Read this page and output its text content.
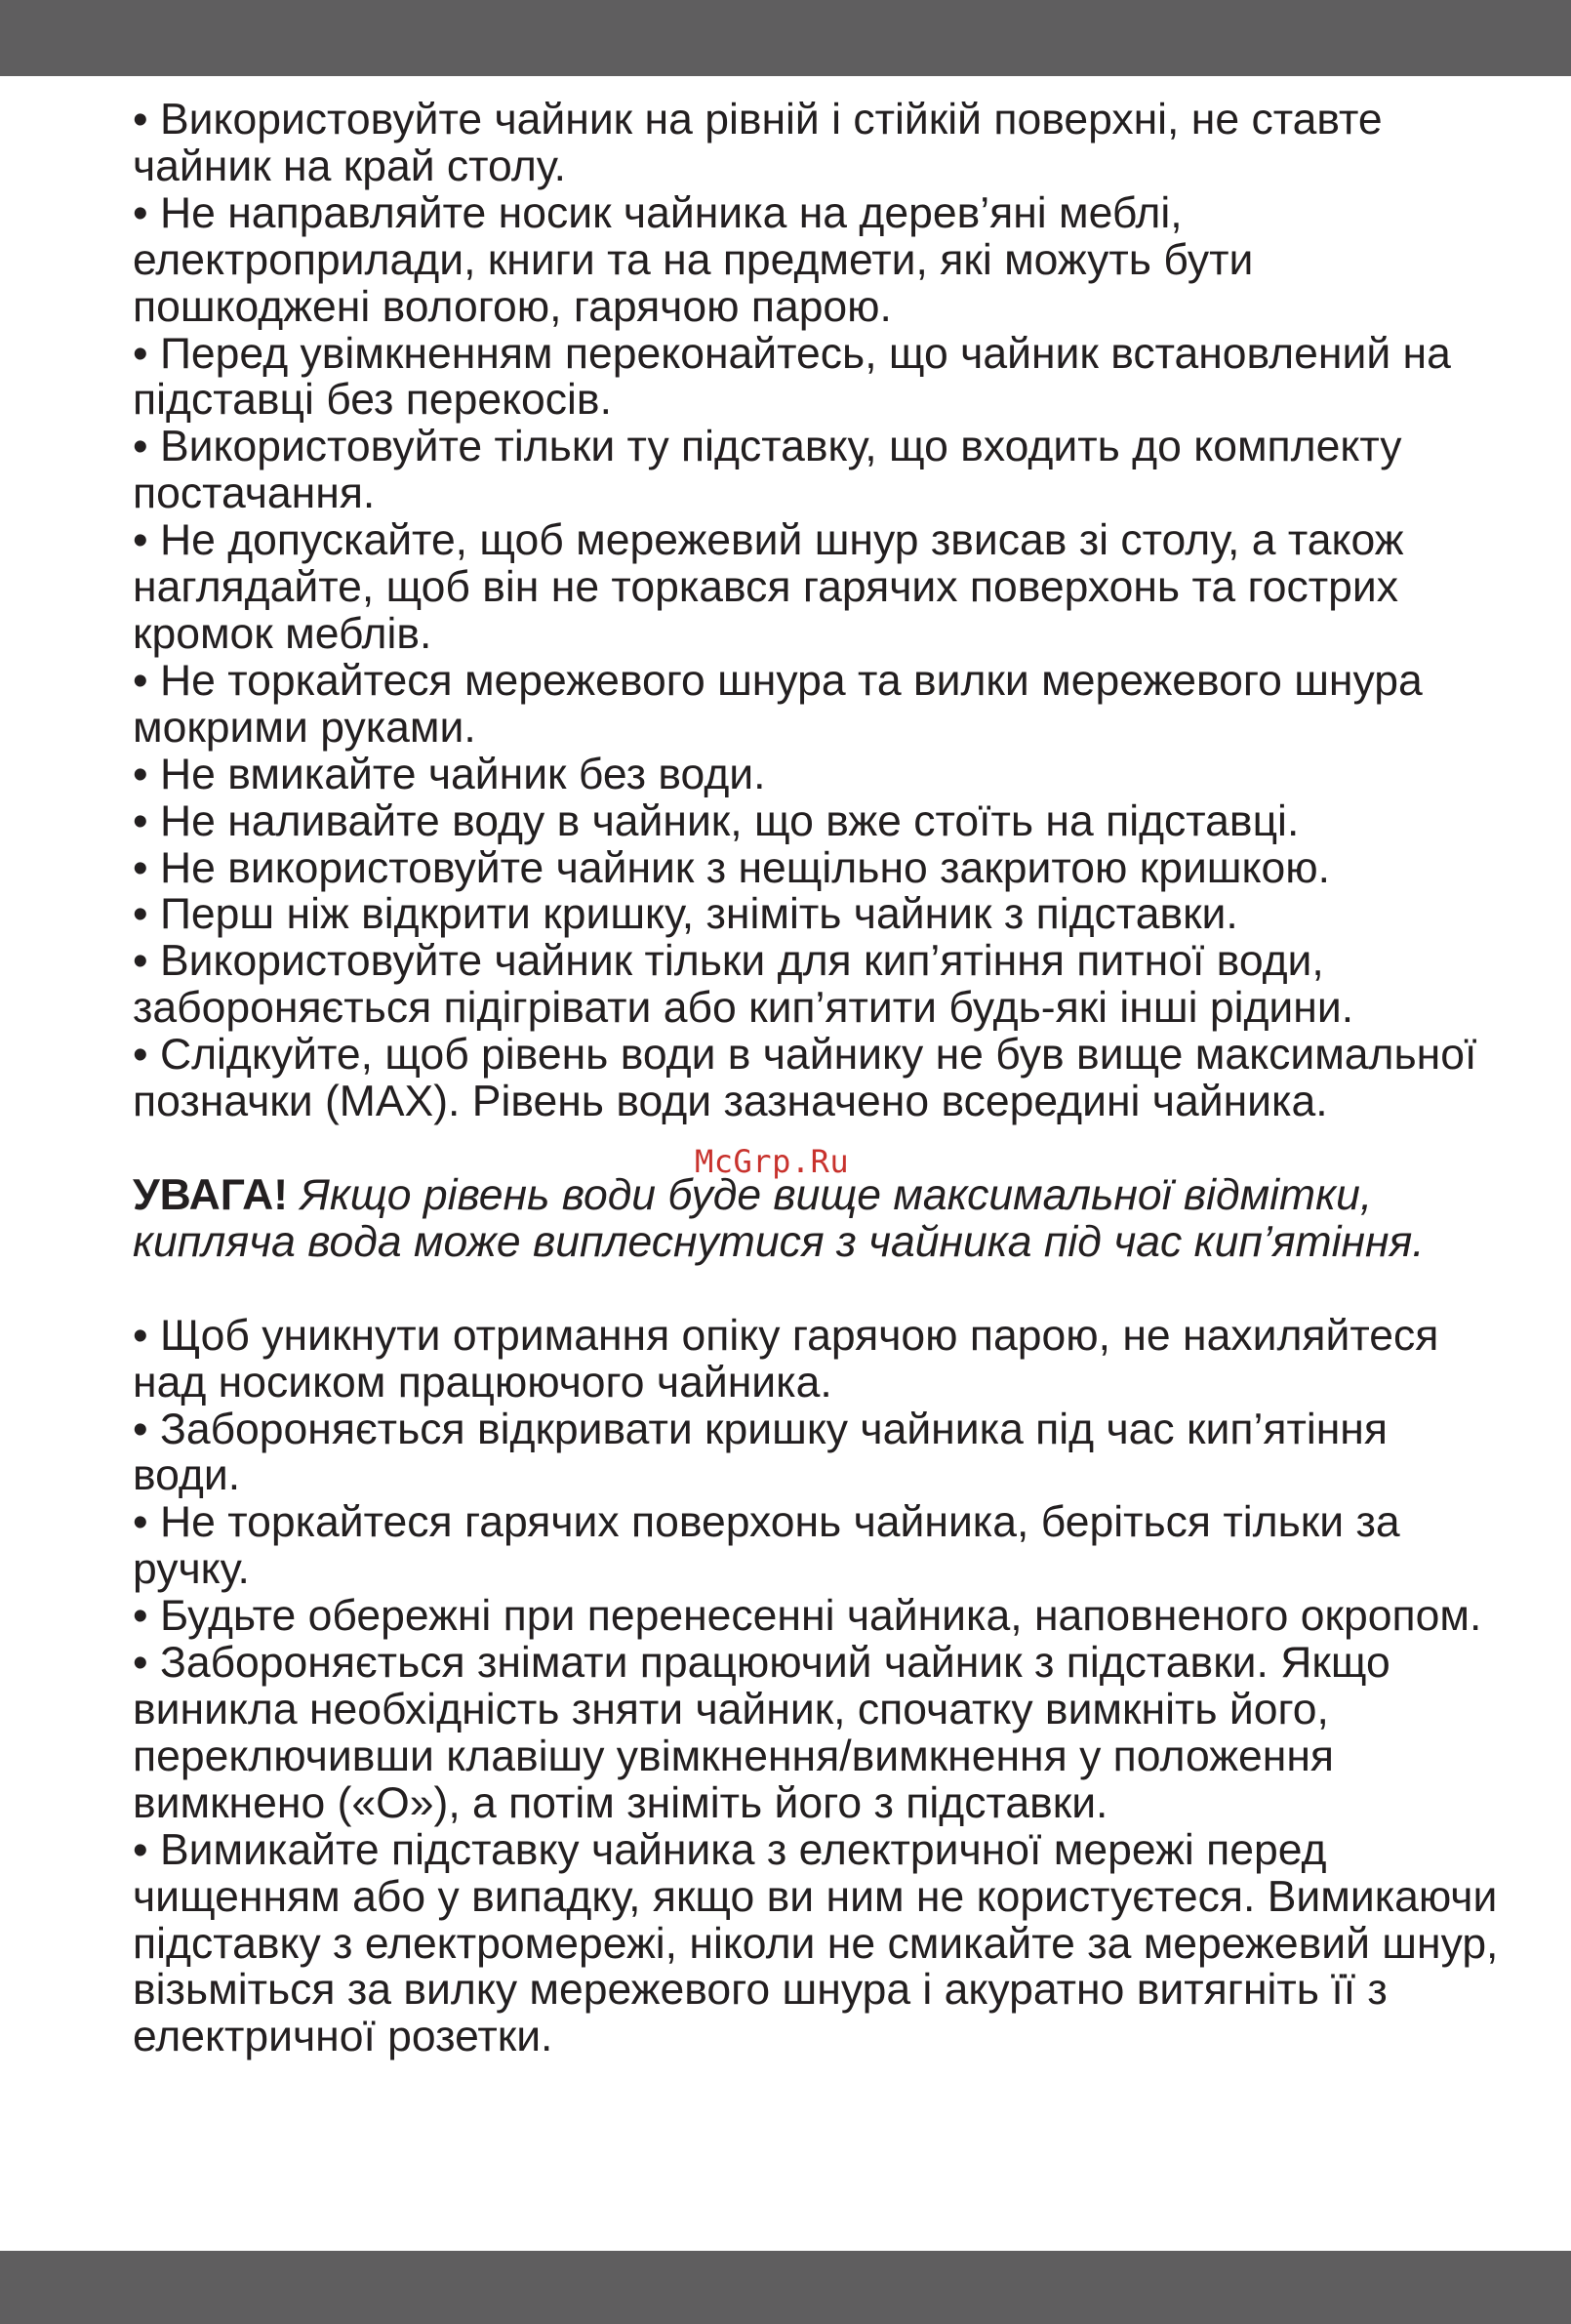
• Використовуйте чайник на рівній і стійкій поверхні, не ставте чайник на край столу.

• Не направляйте носик чайника на дерев’яні меблі, електроприлади, книги та на предмети, які можуть бути пошкоджені вологою, гарячою парою.

• Перед увімкненням переконайтесь, що чайник встановлений на підставці без перекосів.

• Використовуйте тільки ту підставку, що входить до комплекту постачання.

• Не допускайте, щоб мережевий шнур звисав зі столу, а також наглядайте, щоб він не торкався гарячих поверхонь та гострих кромок меблів.

• Не торкайтеся мережевого шнура та вилки мережевого шнура мокрими руками.

• Не вмикайте чайник без води.

• Не наливайте воду в чайник, що вже стоїть на підставці.

• Не використовуйте чайник з нещільно закритою кришкою.

• Перш ніж відкрити кришку, зніміть чайник з підставки.

• Використовуйте чайник тільки для кип’ятіння питної води, забороняється підігрівати або кип’ятити будь-які інші рідини.

• Слідкуйте, щоб рівень води в чайнику не був вище максимальної позначки (MAX). Рівень води зазначено всередині чайника.

УВАГА! Якщо рівень води буде вище максимальної відмітки, кипляча вода може виплеснутися з чайника під час кип’ятіння.

• Щоб уникнути отримання опіку гарячою парою, не нахиляйтеся над носиком працюючого чайника.

• Забороняється відкривати кришку чайника під час кип’ятіння води.

• Не торкайтеся гарячих поверхонь чайника, беріться тільки за ручку.

• Будьте обережні при перенесенні чайника, наповненого окропом.

• Забороняється знімати працюючий чайник з підставки. Якщо виникла необхідність зняти чайник, спочатку вимкніть його, переключивши клавішу увімкнення/вимкнення у положення вимкнено («О»), а потім зніміть його з підставки.

• Вимикайте підставку чайника з електричної мережі перед чищенням або у випадку, якщо ви ним не користуєтеся. Вимикаючи підставку з електромережі, ніколи не смикайте за мережевий шнур, візьміться за вилку мережевого шнура і акуратно витягніть її з електричної розетки.

McGrp.Ru
